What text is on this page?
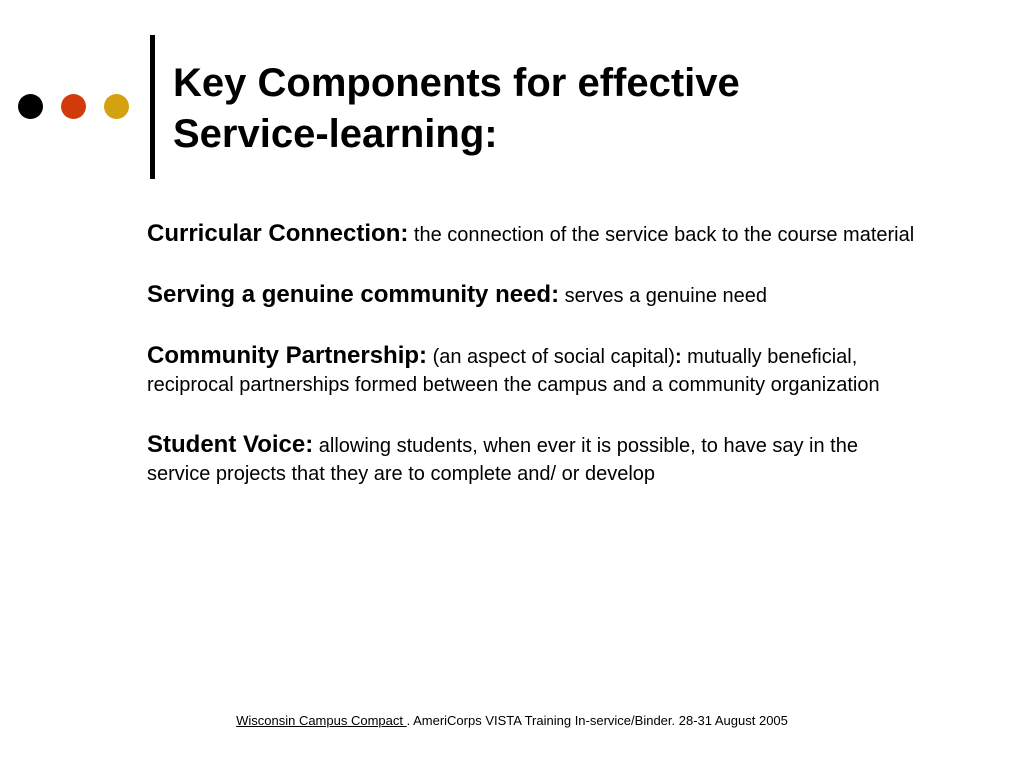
Key Components for effective
Service-learning:

Curricular Connection: the connection of the service back to the course material

Serving a genuine community need: serves a genuine need

Community Partnership: (an aspect of social capital): mutually beneficial, reciprocal partnerships formed between the campus and a community organization

Student Voice: allowing students, when ever it is possible, to have say in the service projects that they are to complete and/ or develop

Wisconsin Campus Compact . AmeriCorps VISTA Training In-service/Binder. 28-31 August 2005
